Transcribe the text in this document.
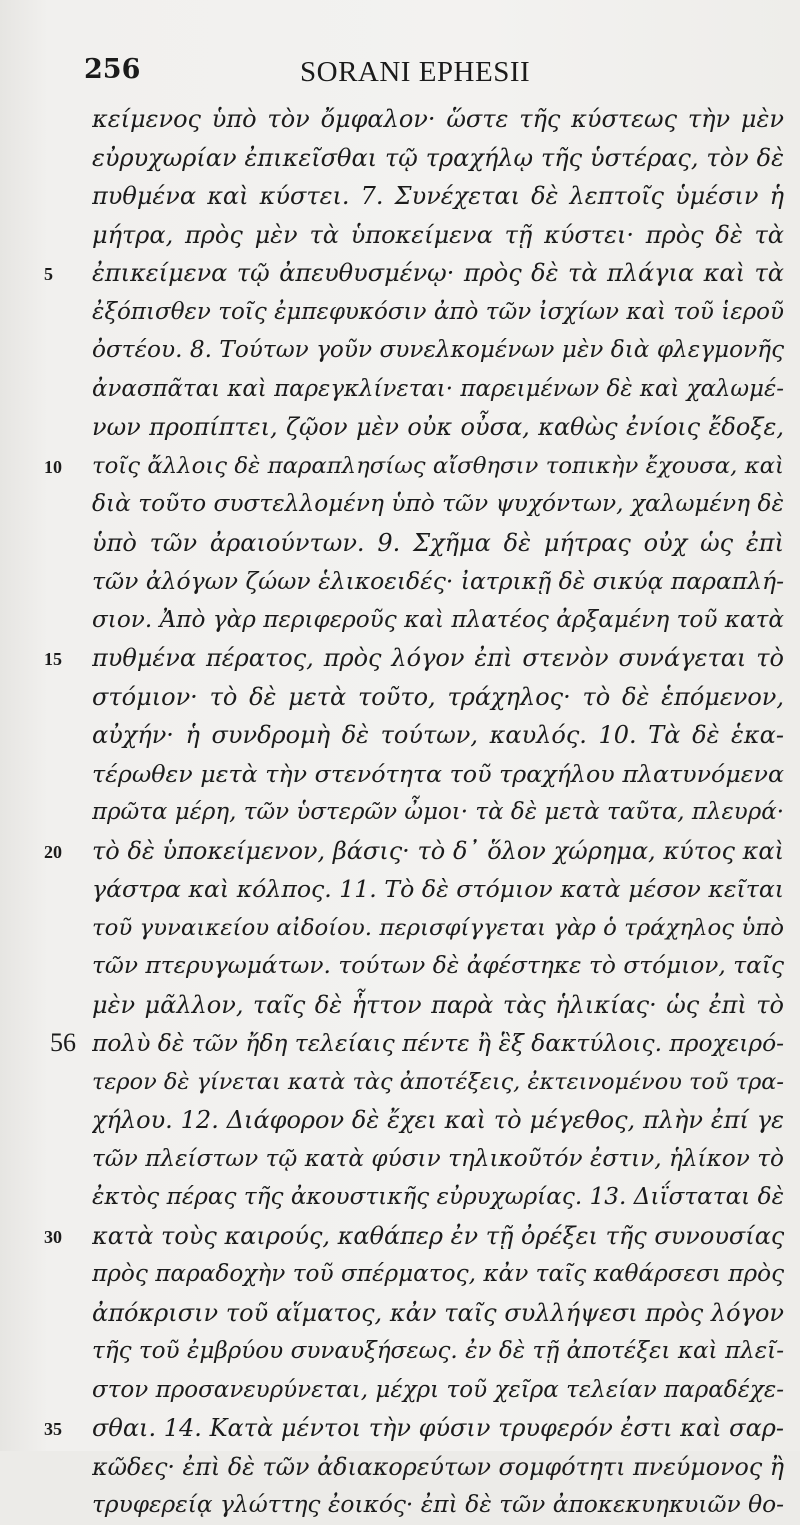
256	SORANI EPHESII
κείμενος ὑπὸ τὸν ὄμφαλον· ὥστε τῆς κύστεως τὴν μὲν
εὐρυχωρίαν ἐπικεῖσθαι τῷ τραχήλῳ τῆς ὑστέρας, τὸν δὲ
πυθμένα καὶ κύστει. 7. Συνέχεται δὲ λεπτοῖς ὑμέσιν ἡ
μήτρα, πρὸς μὲν τὰ ὑποκείμενα τῇ κύστει· πρὸς δὲ τὰ
5	ἐπικείμενα τῷ ἀπευθυσμένῳ· πρὸς δὲ τὰ πλάγια καὶ τὰ
ἐξόπισθεν τοῖς ἐμπεφυκόσιν ἀπὸ τῶν ἰσχίων καὶ τοῦ ἱεροῦ
ὀστέου. 8. Τούτων γοῦν συνελκομένων μὲν διὰ φλεγμονῆς
ἀνασπᾶται καὶ παρεγκλίνεται· παρειμένων δὲ καὶ χαλωμέ-
νων προπίπτει, ζῷον μὲν οὐκ οὖσα, καθὼς ἐνίοις ἔδοξε,
10	τοῖς ἄλλοις δὲ παραπλησίως αἴσθησιν τοπικὴν ἔχουσα, καὶ
διὰ τοῦτο συστελλομένη ὑπὸ τῶν ψυχόντων, χαλωμένη δὲ
ὑπὸ τῶν ἀραιούντων. 9. Σχῆμα δὲ μήτρας οὐχ ὡς ἐπὶ
τῶν ἀλόγων ζώων ἑλικοειδές· ἰατρικῇ δὲ σικύᾳ παραπλή-
σιον. Ἀπὸ γὰρ περιφεροῦς καὶ πλατέος ἀρξαμένη τοῦ κατὰ
15	πυθμένα πέρατος, πρὸς λόγον ἐπὶ στενὸν συνάγεται τὸ
στόμιον· τὸ δὲ μετὰ τοῦτο, τράχηλος· τὸ δὲ ἑπόμενον,
αὐχήν· ἡ συνδρομὴ δὲ τούτων, καυλός. 10. Τὰ δὲ ἑκα-
τέρωθεν μετὰ τὴν στενότητα τοῦ τραχήλου πλατυνόμενα
πρῶτα μέρη, τῶν ὑστερῶν ὦμοι· τὰ δὲ μετὰ ταῦτα, πλευρά·
20	τὸ δὲ ὑποκείμενον, βάσις· τὸ δ᾿ ὅλον χώρημα, κύτος καὶ
γάστρα καὶ κόλπος. 11. Τὸ δὲ στόμιον κατὰ μέσον κεῖται
τοῦ γυναικείου αἰδοίου. περισφίγγεται γὰρ ὁ τράχηλος ὑπὸ
τῶν πτερυγωμάτων. τούτων δὲ ἀφέστηκε τὸ στόμιον, ταῖς
μὲν μᾶλλον, ταῖς δὲ ἧττον παρὰ τὰς ἡλικίας· ὡς ἐπὶ τὸ
56 πολὺ δὲ τῶν ἤδη τελείαις πέντε ἢ ἓξ δακτύλοις. προχειρό-
τερον δὲ γίνεται κατὰ τὰς ἀποτέξεις, ἐκτεινομένου τοῦ τρα-
χήλου. 12. Διάφορον δὲ ἔχει καὶ τὸ μέγεθος, πλὴν ἐπί γε
τῶν πλείστων τῷ κατὰ φύσιν τηλικοῦτόν ἐστιν, ἡλίκον τὸ
ἐκτὸς πέρας τῆς ἀκουστικῆς εὐρυχωρίας. 13. Διΐσταται δὲ
30	κατὰ τοὺς καιρούς, καθάπερ ἐν τῇ ὀρέξει τῆς συνουσίας
πρὸς παραδοχὴν τοῦ σπέρματος, κἀν ταῖς καθάρσεσι πρὸς
ἀπόκρισιν τοῦ αἵματος, κἀν ταῖς συλλήψεσι πρὸς λόγον
τῆς τοῦ ἐμβρύου συναυξήσεως. ἐν δὲ τῇ ἀποτέξει καὶ πλεῖ-
στον προσανευρύνεται, μέχρι τοῦ χεῖρα τελείαν παραδέχε-
35	σθαι. 14. Κατὰ μέντοι τὴν φύσιν τρυφερόν ἐστι καὶ σαρ-
κῶδες· ἐπὶ δὲ τῶν ἀδιακορεύτων σομφότητι πνεύμονος ἢ
τρυφερείᾳ γλώττης ἐοικός· ἐπὶ δὲ τῶν ἀποκεκυηκυιῶν θο-
